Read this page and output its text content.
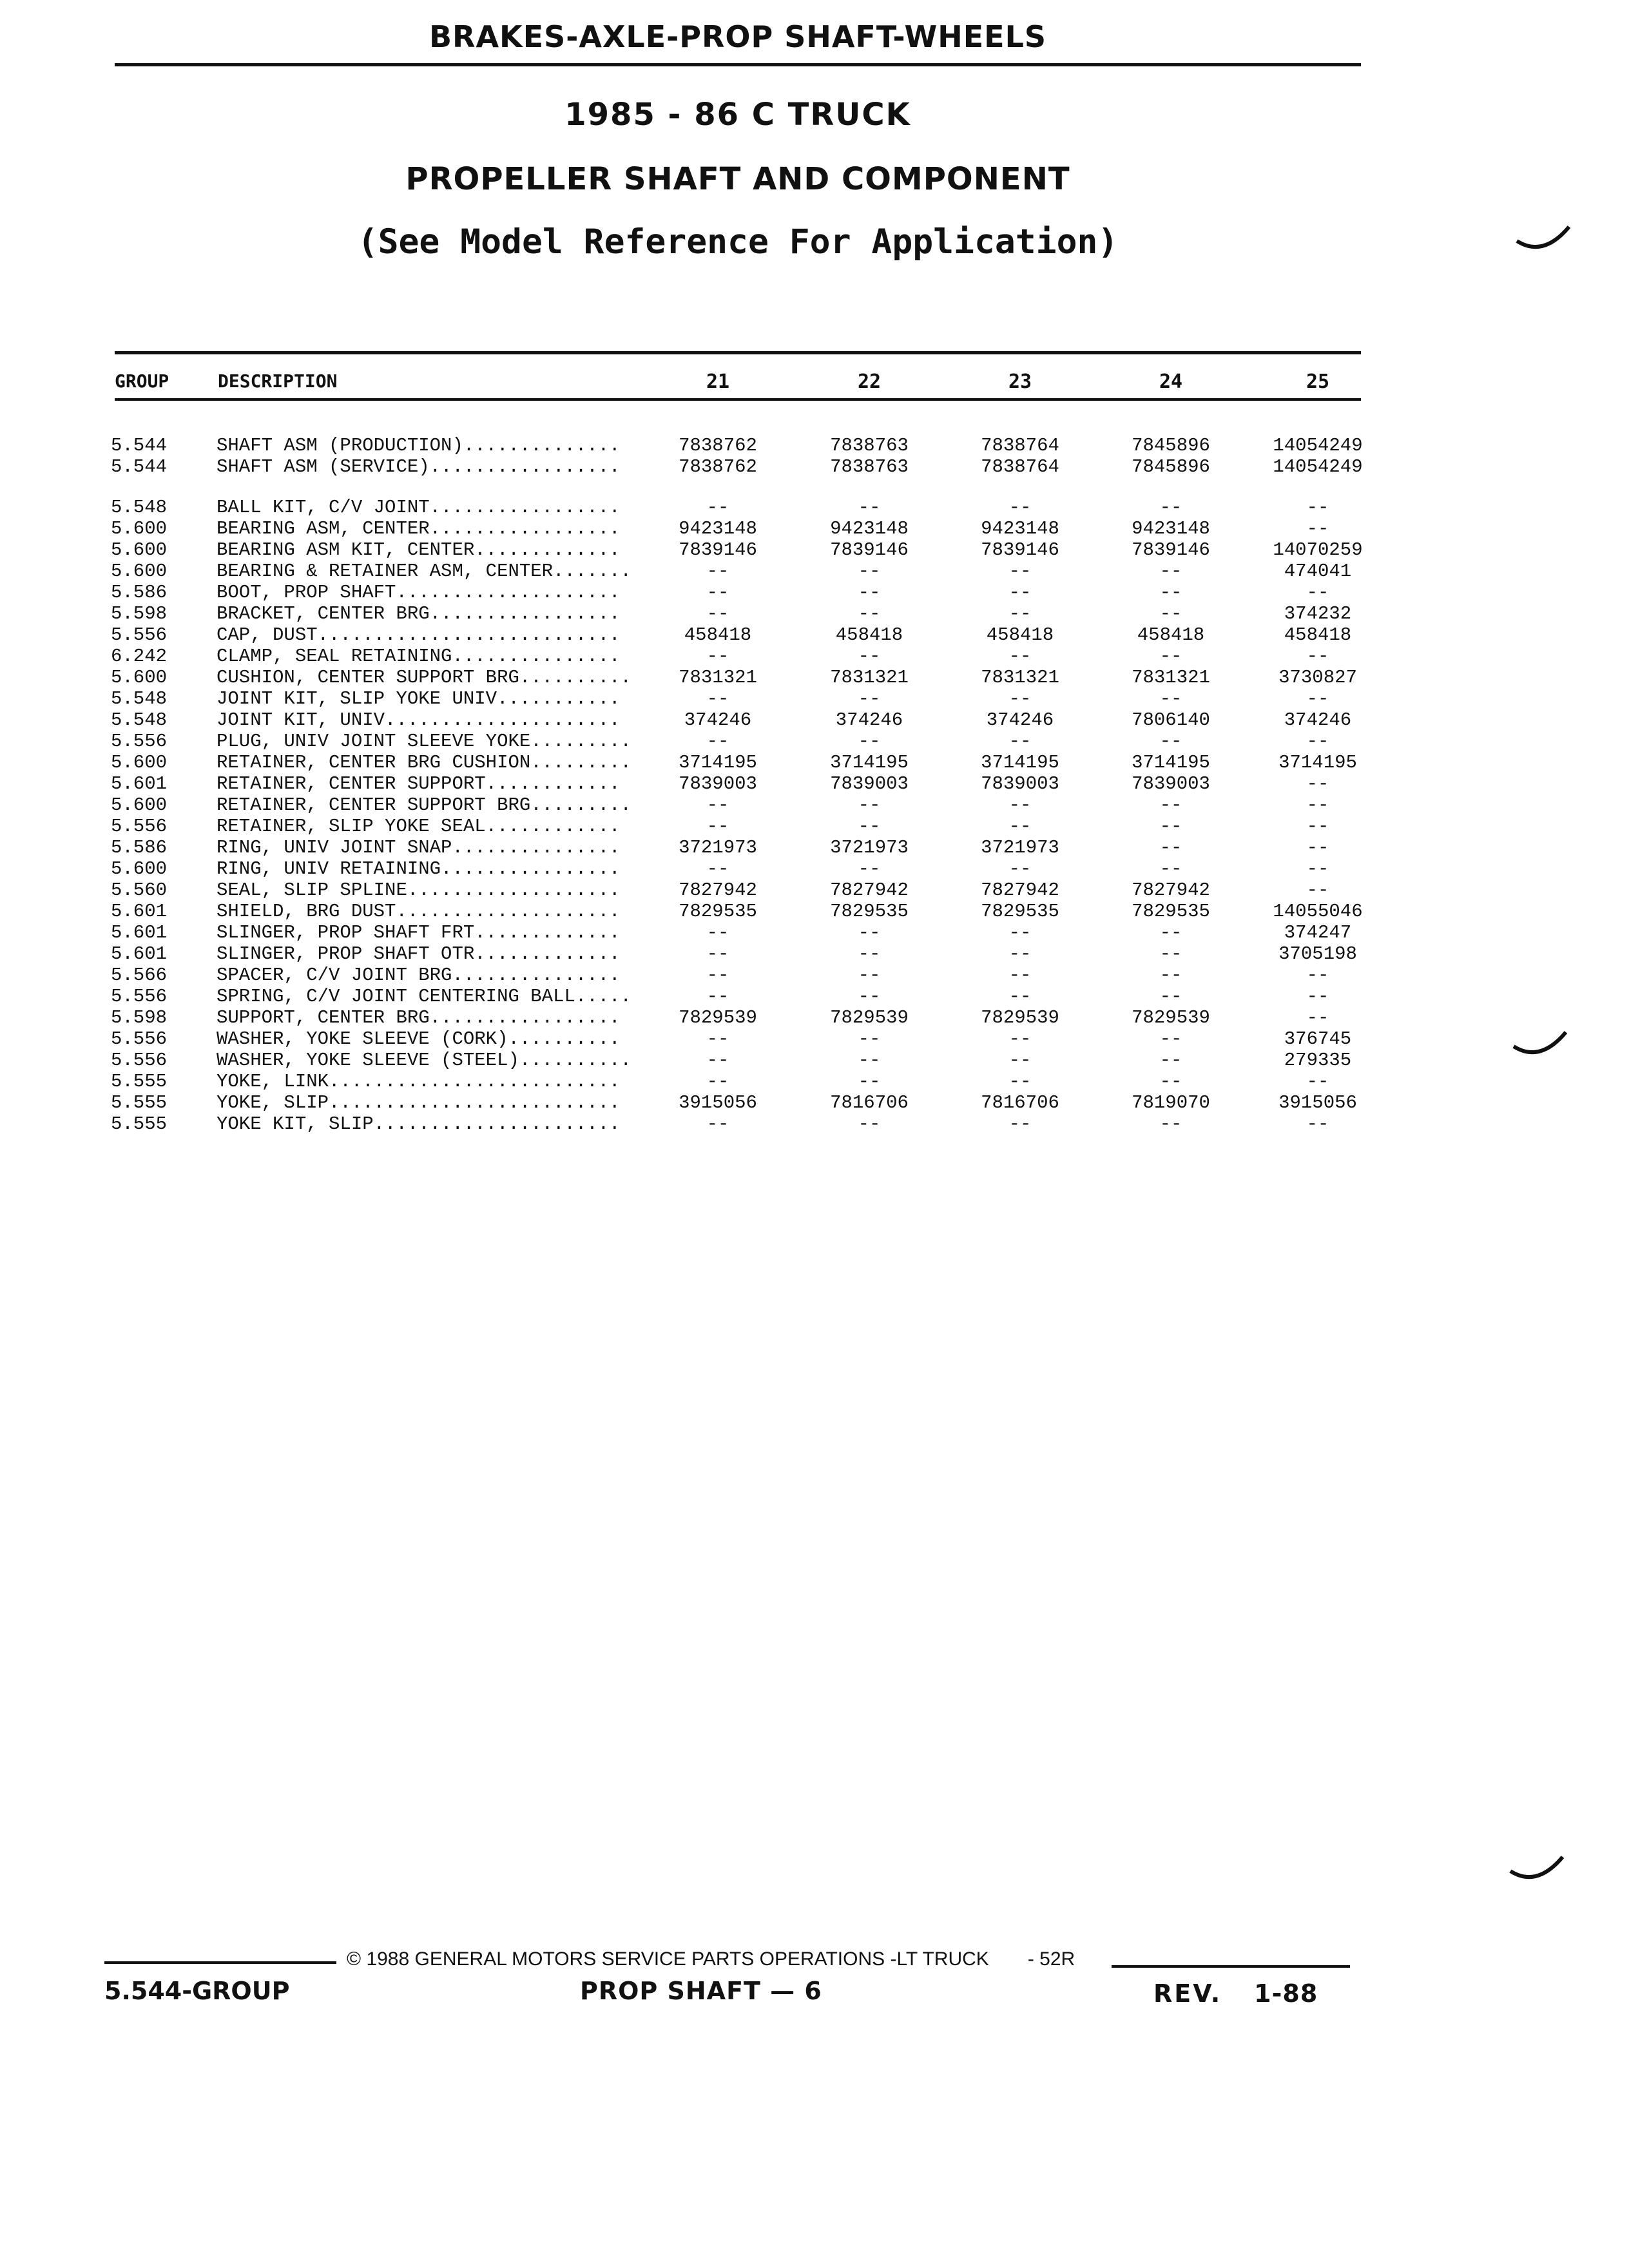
BRAKES-AXLE-PROP SHAFT-WHEELS
1985 - 86 C TRUCK
PROPELLER SHAFT AND COMPONENT
(See Model Reference For Application)
GROUP	DESCRIPTION	21	22	23	24	25
5.544	SHAFT ASM (PRODUCTION)..............	7838762	7838763	7838764	7845896	14054249
5.544	SHAFT ASM (SERVICE).................	7838762	7838763	7838764	7845896	14054249
5.548	BALL KIT, C/V JOINT.................	--	--	--	--	--
5.600	BEARING ASM, CENTER.................	9423148	9423148	9423148	9423148	--
5.600	BEARING ASM KIT, CENTER.............	7839146	7839146	7839146	7839146	14070259
5.600	BEARING & RETAINER ASM, CENTER.......	--	--	--	--	474041
5.586	BOOT, PROP SHAFT....................	--	--	--	--	--
5.598	BRACKET, CENTER BRG.................	--	--	--	--	374232
5.556	CAP, DUST...........................	458418	458418	458418	458418	458418
6.242	CLAMP, SEAL RETAINING...............	--	--	--	--	--
5.600	CUSHION, CENTER SUPPORT BRG..........	7831321	7831321	7831321	7831321	3730827
5.548	JOINT KIT, SLIP YOKE UNIV...........	--	--	--	--	--
5.548	JOINT KIT, UNIV.....................	374246	374246	374246	7806140	374246
5.556	PLUG, UNIV JOINT SLEEVE YOKE.........	--	--	--	--	--
5.600	RETAINER, CENTER BRG CUSHION.........	3714195	3714195	3714195	3714195	3714195
5.601	RETAINER, CENTER SUPPORT............	7839003	7839003	7839003	7839003	--
5.600	RETAINER, CENTER SUPPORT BRG.........	--	--	--	--	--
5.556	RETAINER, SLIP YOKE SEAL............	--	--	--	--	--
5.586	RING, UNIV JOINT SNAP...............	3721973	3721973	3721973	--	--
5.600	RING, UNIV RETAINING................	--	--	--	--	--
5.560	SEAL, SLIP SPLINE...................	7827942	7827942	7827942	7827942	--
5.601	SHIELD, BRG DUST....................	7829535	7829535	7829535	7829535	14055046
5.601	SLINGER, PROP SHAFT FRT.............	--	--	--	--	374247
5.601	SLINGER, PROP SHAFT OTR.............	--	--	--	--	3705198
5.566	SPACER, C/V JOINT BRG...............	--	--	--	--	--
5.556	SPRING, C/V JOINT CENTERING BALL.....	--	--	--	--	--
5.598	SUPPORT, CENTER BRG.................	7829539	7829539	7829539	7829539	--
5.556	WASHER, YOKE SLEEVE (CORK)..........	--	--	--	--	376745
5.556	WASHER, YOKE SLEEVE (STEEL)..........	--	--	--	--	279335
5.555	YOKE, LINK..........................	--	--	--	--	--
5.555	YOKE, SLIP..........................	3915056	7816706	7816706	7819070	3915056
5.555	YOKE KIT, SLIP......................	--	--	--	--	--
© 1988 GENERAL MOTORS SERVICE PARTS OPERATIONS -LT TRUCK - 52R
5.544-GROUP	PROP SHAFT — 6	REV. 1-88
